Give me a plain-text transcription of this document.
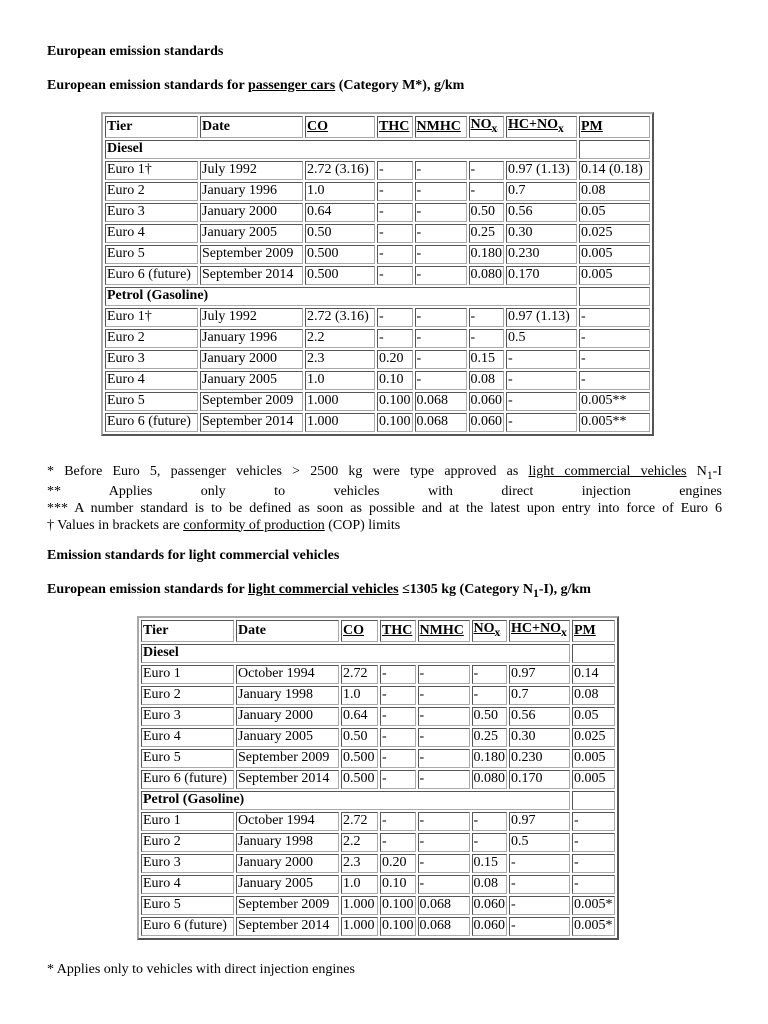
European emission standards
European emission standards for passenger cars (Category M*), g/km
Tier	Date	CO	THC	NMHC	$NO_x$	$HC+NO_x$	PM
Diesel							
Euro 1†	July 1992	2.72 (3.16)	-	-	-	0.97 (1.13)	0.14 (0.18)
Euro 2	January 1996	1.0	-	-	-	0.7	0.08
Euro 3	January 2000	0.64	-	-	0.50	0.56	0.05
Euro 4	January 2005	0.50	-	-	0.25	0.30	0.025
Euro 5	September 2009	0.500	-	-	0.180	0.230	0.005
Euro 6 (future)	September 2014	0.500	-	-	0.080	0.170	0.005
Petrol (Gasoline)							
Euro 1†	July 1992	2.72 (3.16)	-	-	-	0.97 (1.13)	-
Euro 2	January 1996	2.2	-	-	-	0.5	-
Euro 3	January 2000	2.3	0.20	-	0.15	-	-
Euro 4	January 2005	1.0	0.10	-	0.08	-	-
Euro 5	September 2009	1.000	0.100	0.068	0.060	-	0.005**
Euro 6 (future)	September 2014	1.000	0.100	0.068	0.060	-	0.005**

* Before Euro 5, passenger vehicles > 2500 kg were type approved as light commercial vehicles $N_1-I$

** Applies only to vehicles with direct injection engines

*** A number standard is to be defined as soon as possible and at the latest upon entry into force of Euro 6

† Values in brackets are conformity of production (COP) limits

Emission standards for light commercial vehicles
European emission standards for light commercial vehicles ≤1305 kg (Category $N_1-I$), g/km
Tier	Date	CO	THC	NMHC	$NO_x$	$HC+NO_x$	PM
Diesel							
Euro 1	October 1994	2.72	-	-	-	0.97	0.14
Euro 2	January 1998	1.0	-	-	-	0.7	0.08
Euro 3	January 2000	0.64	-	-	0.50	0.56	0.05
Euro 4	January 2005	0.50	-	-	0.25	0.30	0.025
Euro 5	September 2009	0.500	-	-	0.180	0.230	0.005
Euro 6 (future)	September 2014	0.500	-	-	0.080	0.170	0.005
Petrol (Gasoline)							
Euro 1	October 1994	2.72	-	-	-	0.97	-
Euro 2	January 1998	2.2	-	-	-	0.5	-
Euro 3	January 2000	2.3	0.20	-	0.15	-	-
Euro 4	January 2005	1.0	0.10	-	0.08	-	-
Euro 5	September 2009	1.000	0.100	0.068	0.060	-	0.005*
Euro 6 (future)	September 2014	1.000	0.100	0.068	0.060	-	0.005*

* Applies only to vehicles with direct injection engines
